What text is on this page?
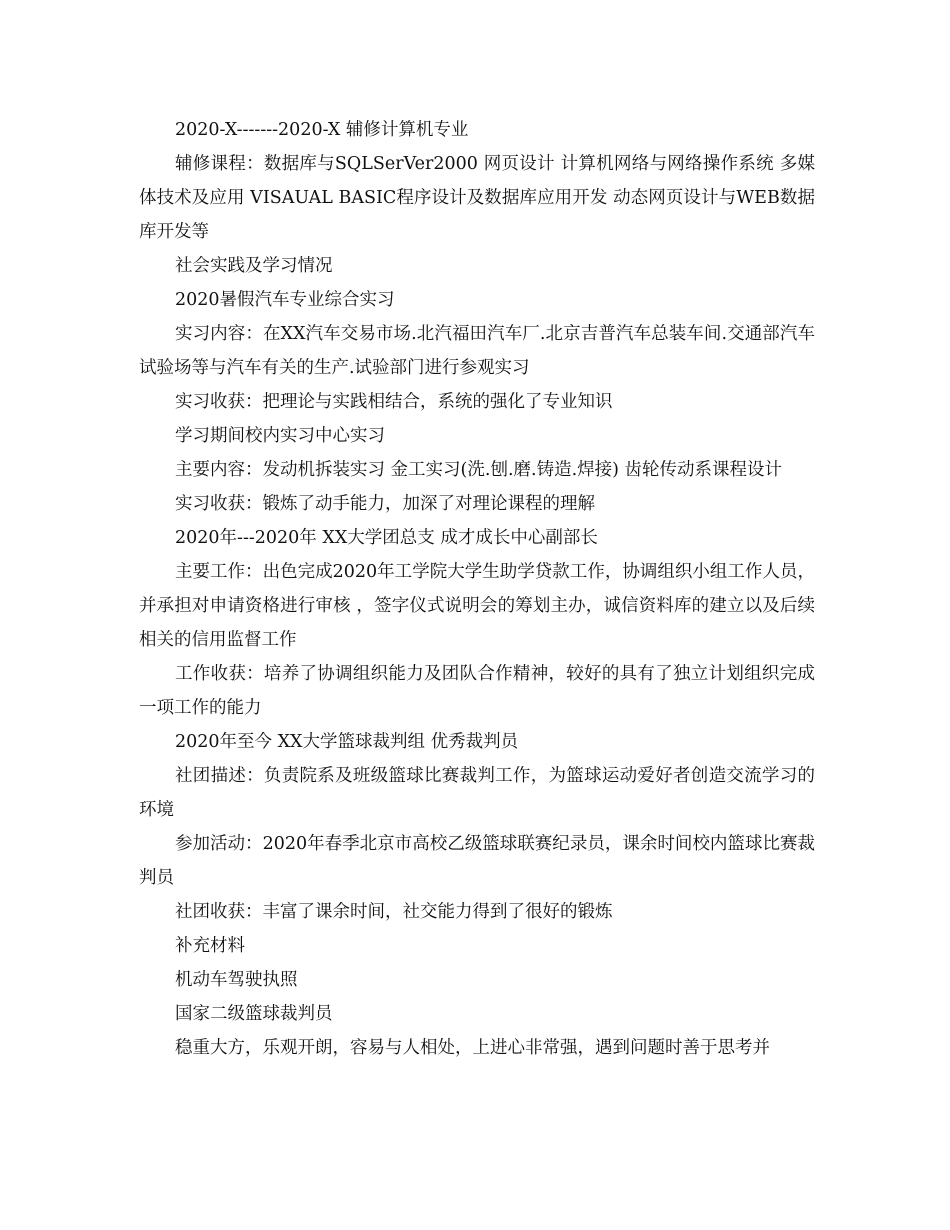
2020-X-------2020-X 辅修计算机专业

辅修课程：数据库与SQLSerVer2000 网页设计 计算机网络与网络操作系统 多媒体技术及应用 VISAUAL BASIC程序设计及数据库应用开发 动态网页设计与WEB数据库开发等

社会实践及学习情况

2020暑假汽车专业综合实习

实习内容：在XX汽车交易市场.北汽福田汽车厂.北京吉普汽车总装车间.交通部汽车试验场等与汽车有关的生产.试验部门进行参观实习

实习收获：把理论与实践相结合，系统的强化了专业知识

学习期间校内实习中心实习

主要内容：发动机拆装实习 金工实习(洗.刨.磨.铸造.焊接) 齿轮传动系课程设计

实习收获：锻炼了动手能力，加深了对理论课程的理解

2020年---2020年 XX大学团总支 成才成长中心副部长

主要工作：出色完成2020年工学院大学生助学贷款工作，协调组织小组工作人员，并承担对申请资格进行审核 ，签字仪式说明会的筹划主办，诚信资料库的建立以及后续相关的信用监督工作

工作收获：培养了协调组织能力及团队合作精神，较好的具有了独立计划组织完成一项工作的能力

2020年至今 XX大学篮球裁判组 优秀裁判员

社团描述：负责院系及班级篮球比赛裁判工作，为篮球运动爱好者创造交流学习的环境

参加活动：2020年春季北京市高校乙级篮球联赛纪录员，课余时间校内篮球比赛裁判员

社团收获：丰富了课余时间，社交能力得到了很好的锻炼

补充材料

机动车驾驶执照

国家二级篮球裁判员

稳重大方，乐观开朗，容易与人相处，上进心非常强，遇到问题时善于思考并
